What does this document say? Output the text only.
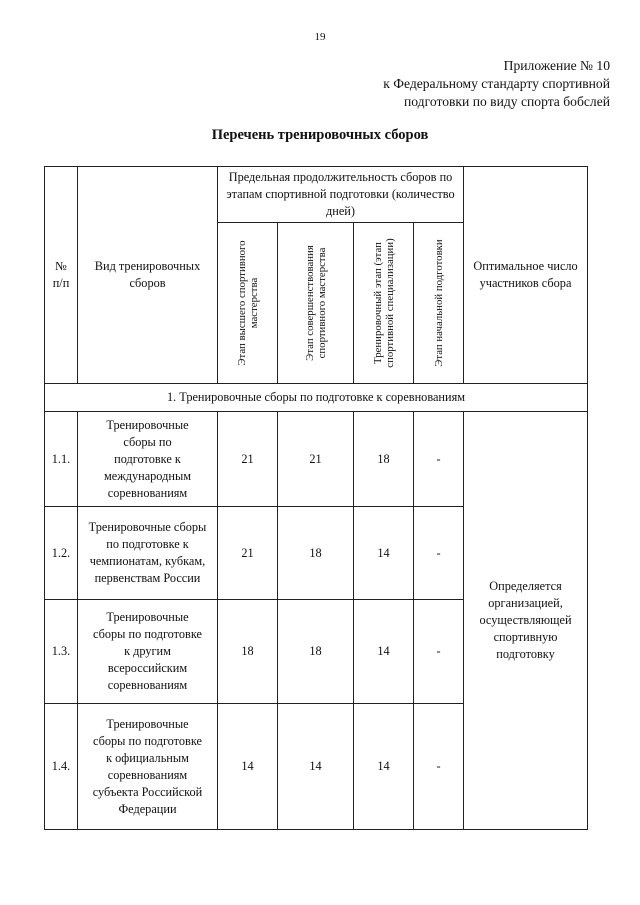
19
Приложение № 10
к Федеральному стандарту спортивной
подготовки по виду спорта бобслей
Перечень тренировочных сборов
№ п/п	Вид тренировочных сборов	Предельная продолжительность сборов по этапам спортивной подготовки (количество дней)				Оптимальное число участников сбора

		Этап высшего спортивного мастерства	Этап совершенствования спортивного мастерства	Тренировочный этап (этап спортивной специализации)	Этап начальной подготовки	

1. Тренировочные сборы по подготовке к соревнованиям						
1.1.	Тренировочные сборы по подготовке к международным соревнованиям	21	21	18	-	Определяется организацией, осуществляющей спортивную подготовку
1.2.	Тренировочные сборы по подготовке к чемпионатам, кубкам, первенствам России	21	18	14	-	
1.3.	Тренировочные сборы по подготовке к другим всероссийским соревнованиям	18	18	14	-	
1.4.	Тренировочные сборы по подготовке к официальным соревнованиям субъекта Российской Федерации	14	14	14	-	
